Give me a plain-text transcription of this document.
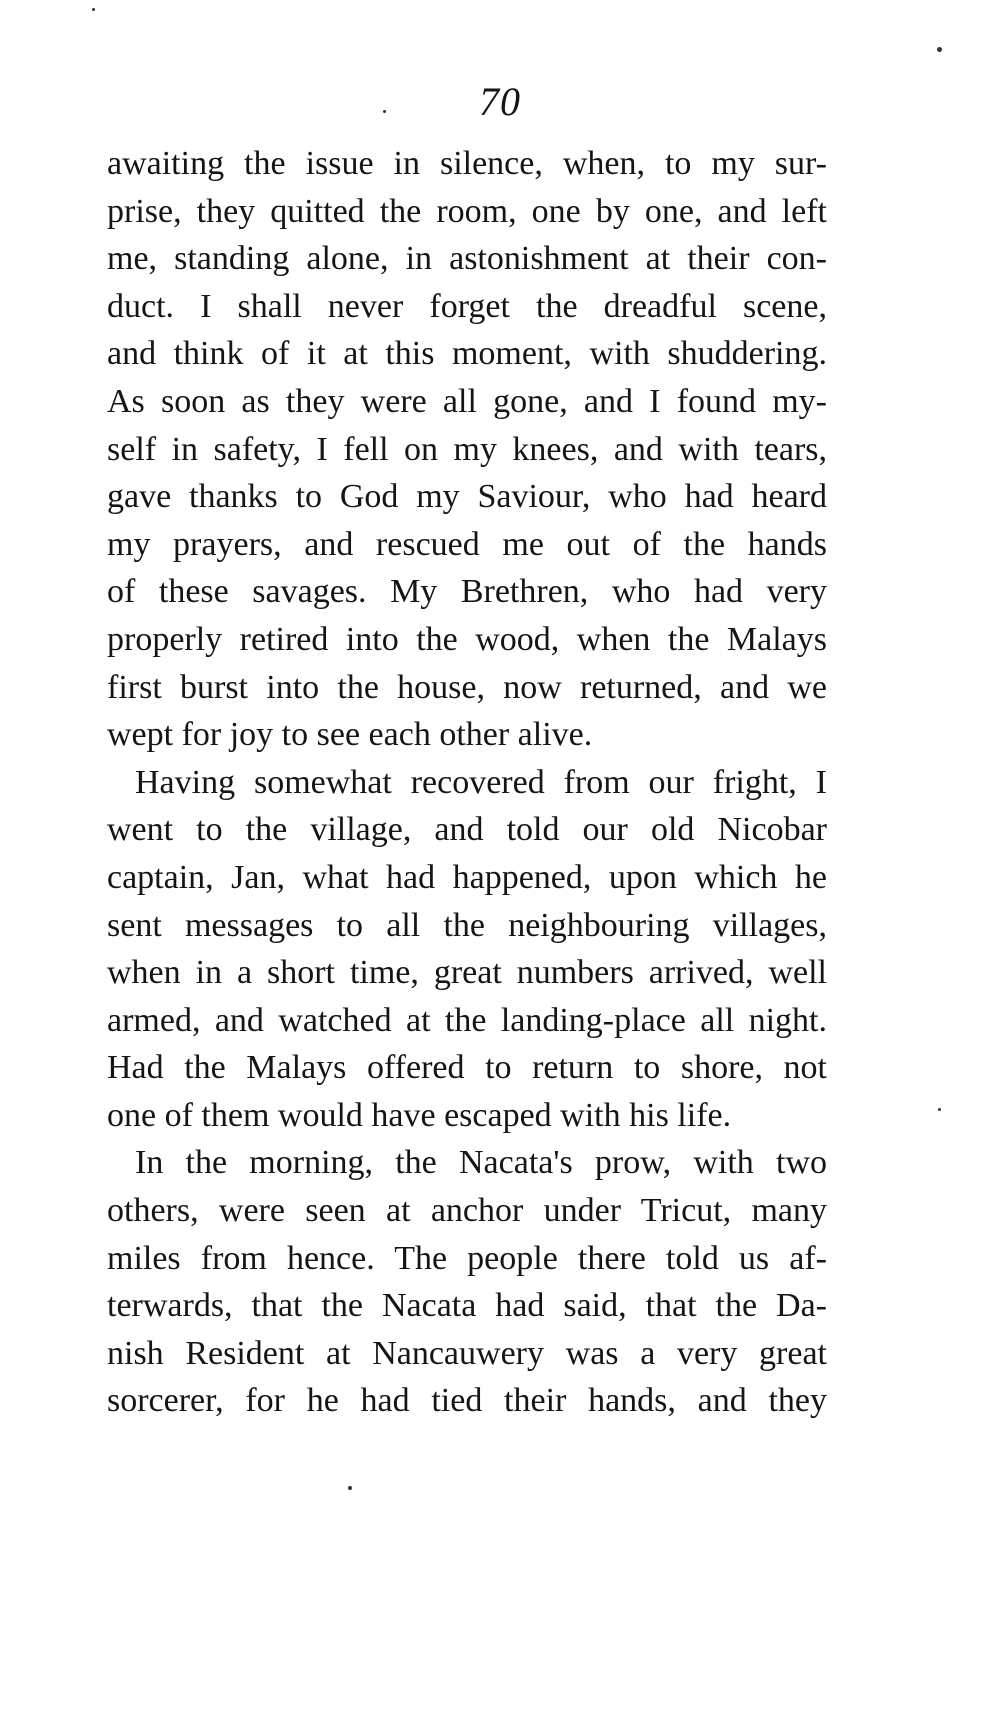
70
awaiting the issue in silence, when, to my sur-
prise, they quitted the room, one by one, and left
me, standing alone, in astonishment at their con-
duct. I shall never forget the dreadful scene,
and think of it at this moment, with shuddering.
As soon as they were all gone, and I found my-
self in safety, I fell on my knees, and with tears,
gave thanks to God my Saviour, who had heard
my prayers, and rescued me out of the hands
of these savages. My Brethren, who had very
properly retired into the wood, when the Malays
first burst into the house, now returned, and we
wept for joy to see each other alive.
Having somewhat recovered from our fright, I
went to the village, and told our old Nicobar
captain, Jan, what had happened, upon which he
sent messages to all the neighbouring villages,
when in a short time, great numbers arrived, well
armed, and watched at the landing-place all night.
Had the Malays offered to return to shore, not
one of them would have escaped with his life.
In the morning, the Nacata's prow, with two
others, were seen at anchor under Tricut, many
miles from hence. The people there told us af-
terwards, that the Nacata had said, that the Da-
nish Resident at Nancauwery was a very great
sorcerer, for he had tied their hands, and they
